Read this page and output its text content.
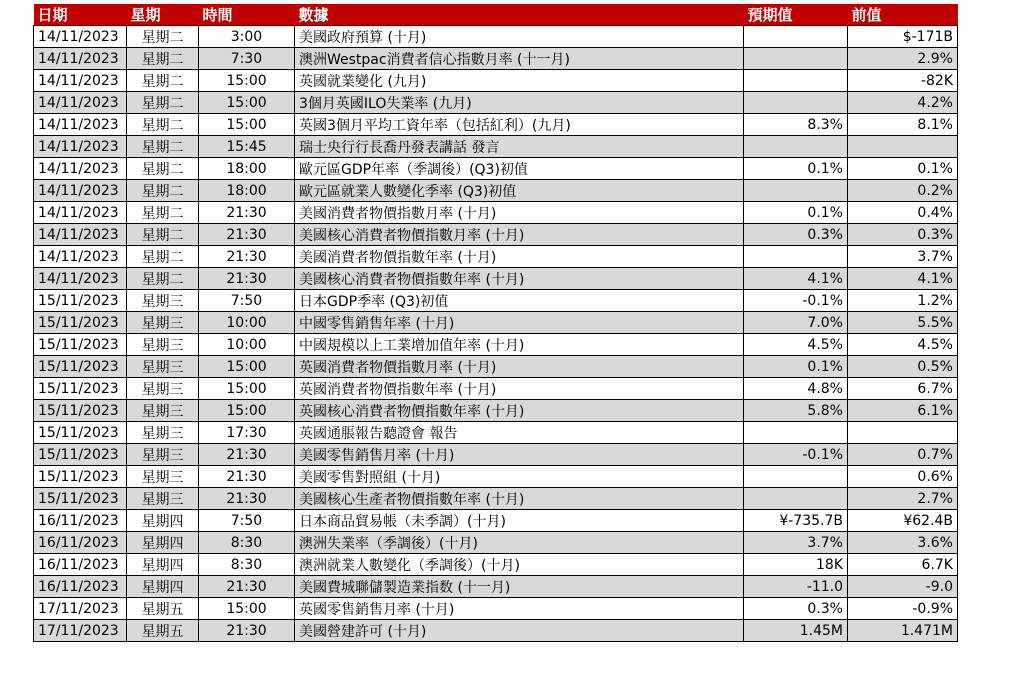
日期	星期	時間	數據	預期值	前值
14/11/2023	星期二	3:00	美國政府預算 (十月)		$-171B
14/11/2023	星期二	7:30	澳洲Westpac消費者信心指數月率 (十一月)		2.9%
14/11/2023	星期二	15:00	英國就業變化 (九月)		-82K
14/11/2023	星期二	15:00	3個月英國ILO失業率 (九月)		4.2%
14/11/2023	星期二	15:00	英國3個月平均工資年率（包括紅利）(九月)	8.3%	8.1%
14/11/2023	星期二	15:45	瑞士央行行長喬丹發表講話 發言		
14/11/2023	星期二	18:00	歐元區GDP年率（季調後）(Q3)初值	0.1%	0.1%
14/11/2023	星期二	18:00	歐元區就業人數變化季率 (Q3)初值		0.2%
14/11/2023	星期二	21:30	美國消費者物價指數月率 (十月)	0.1%	0.4%
14/11/2023	星期二	21:30	美國核心消費者物價指數月率 (十月)	0.3%	0.3%
14/11/2023	星期二	21:30	美國消費者物價指數年率 (十月)		3.7%
14/11/2023	星期二	21:30	美國核心消費者物價指數年率 (十月)	4.1%	4.1%
15/11/2023	星期三	7:50	日本GDP季率 (Q3)初值	-0.1%	1.2%
15/11/2023	星期三	10:00	中國零售銷售年率 (十月)	7.0%	5.5%
15/11/2023	星期三	10:00	中國規模以上工業增加值年率 (十月)	4.5%	4.5%
15/11/2023	星期三	15:00	英國消費者物價指數月率 (十月)	0.1%	0.5%
15/11/2023	星期三	15:00	英國消費者物價指數年率 (十月)	4.8%	6.7%
15/11/2023	星期三	15:00	英國核心消費者物價指數年率 (十月)	5.8%	6.1%
15/11/2023	星期三	17:30	英國通脹報告聽證會 報告		
15/11/2023	星期三	21:30	美國零售銷售月率 (十月)	-0.1%	0.7%
15/11/2023	星期三	21:30	美國零售對照組 (十月)		0.6%
15/11/2023	星期三	21:30	美國核心生產者物價指數年率 (十月)		2.7%
16/11/2023	星期四	7:50	日本商品貿易帳（未季調）(十月)	¥-735.7B	¥62.4B
16/11/2023	星期四	8:30	澳洲失業率（季調後）(十月)	3.7%	3.6%
16/11/2023	星期四	8:30	澳洲就業人數變化（季調後）(十月)	18K	6.7K
16/11/2023	星期四	21:30	美國費城聯儲製造業指数 (十一月)	-11.0	-9.0
17/11/2023	星期五	15:00	英國零售銷售月率 (十月)	0.3%	-0.9%
17/11/2023	星期五	21:30	美國營建許可 (十月)	1.45M	1.471M
